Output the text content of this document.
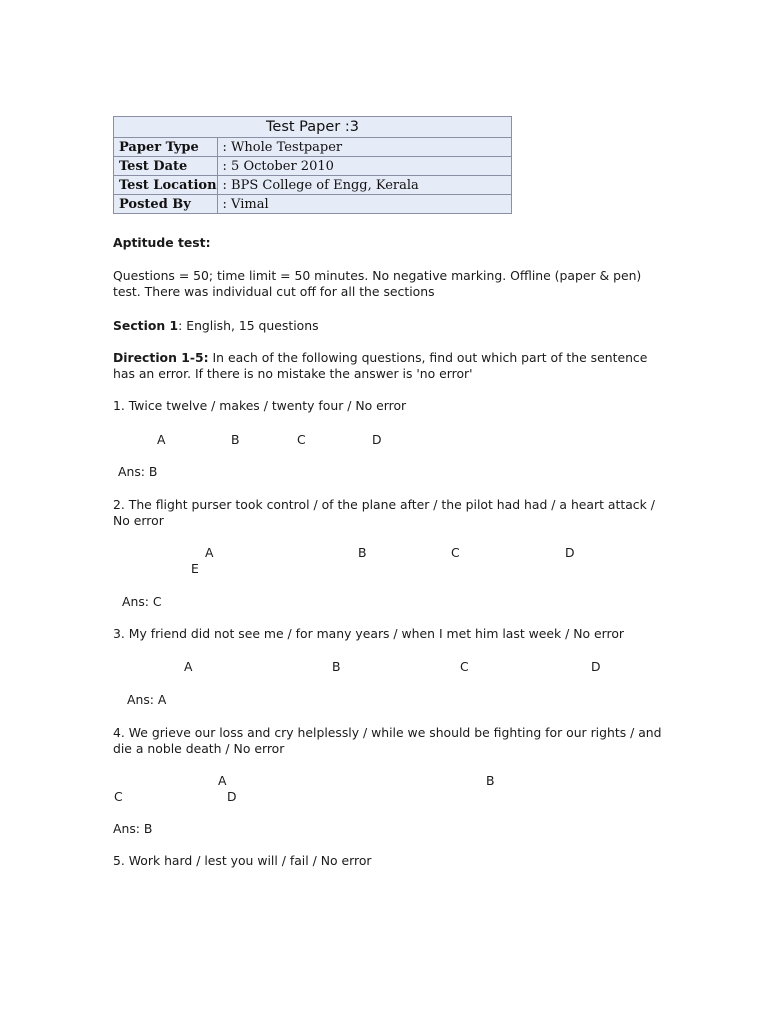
Test Paper :3	
Paper Type	: Whole Testpaper
Test Date	: 5 October 2010
Test Location	: BPS College of Engg, Kerala
Posted By	: Vimal
Aptitude test:
Questions = 50; time limit = 50 minutes. No negative marking. Offline (paper & pen)
test. There was individual cut off for all the sections
Section 1: English, 15 questions
Direction 1-5: In each of the following questions, find out which part of the sentence
has an error. If there is no mistake the answer is 'no error'
1. Twice twelve / makes / twenty four / No error
A	B	C	D
Ans: B
2. The flight purser took control / of the plane after / the pilot had had / a heart attack /
No error
A	B	C	D
E
Ans: C
3. My friend did not see me / for many years / when I met him last week / No error
A	B	C	D
Ans: A
4. We grieve our loss and cry helplessly / while we should be fighting for our rights / and
die a noble death / No error
A	B
C	D
Ans: B
5. Work hard / lest you will / fail / No error
